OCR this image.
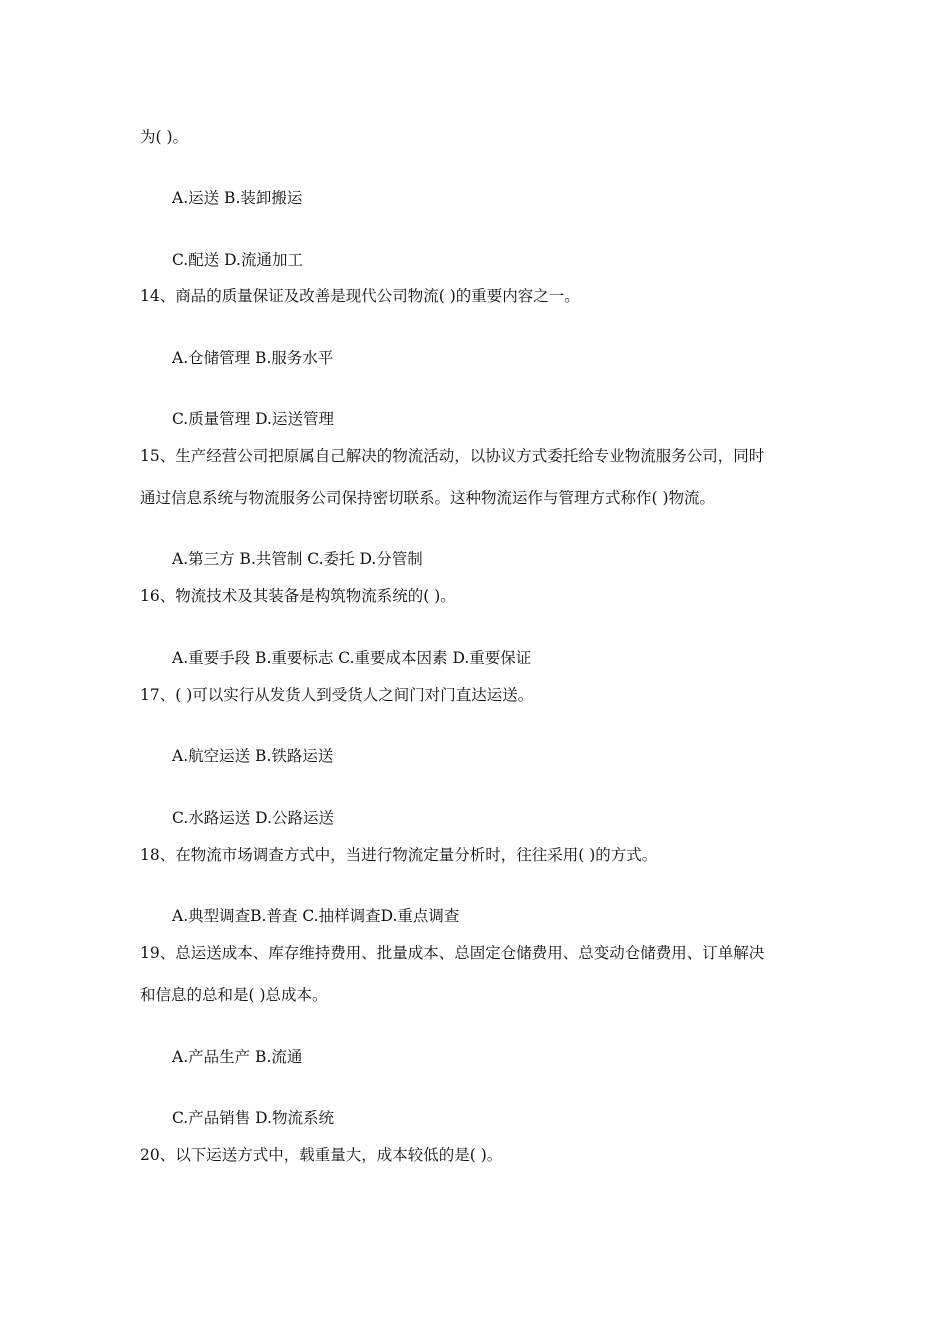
为( )。
A.运送 B.装卸搬运
C.配送 D.流通加工
14、商品的质量保证及改善是现代公司物流( )的重要内容之一。
A.仓储管理 B.服务水平
C.质量管理 D.运送管理
15、生产经营公司把原属自己解决的物流活动，以协议方式委托给专业物流服务公司，同时
通过信息系统与物流服务公司保持密切联系。这种物流运作与管理方式称作( )物流。
A.第三方 B.共管制 C.委托 D.分管制
16、物流技术及其装备是构筑物流系统的( )。
A.重要手段 B.重要标志 C.重要成本因素 D.重要保证
17、( )可以实行从发货人到受货人之间门对门直达运送。
A.航空运送 B.铁路运送
C.水路运送 D.公路运送
18、在物流市场调查方式中，当进行物流定量分析时，往往采用( )的方式。
A.典型调查B.普查 C.抽样调查D.重点调查
19、总运送成本、库存维持费用、批量成本、总固定仓储费用、总变动仓储费用、订单解决
和信息的总和是( )总成本。
A.产品生产 B.流通
C.产品销售 D.物流系统
20、以下运送方式中，载重量大，成本较低的是( )。
